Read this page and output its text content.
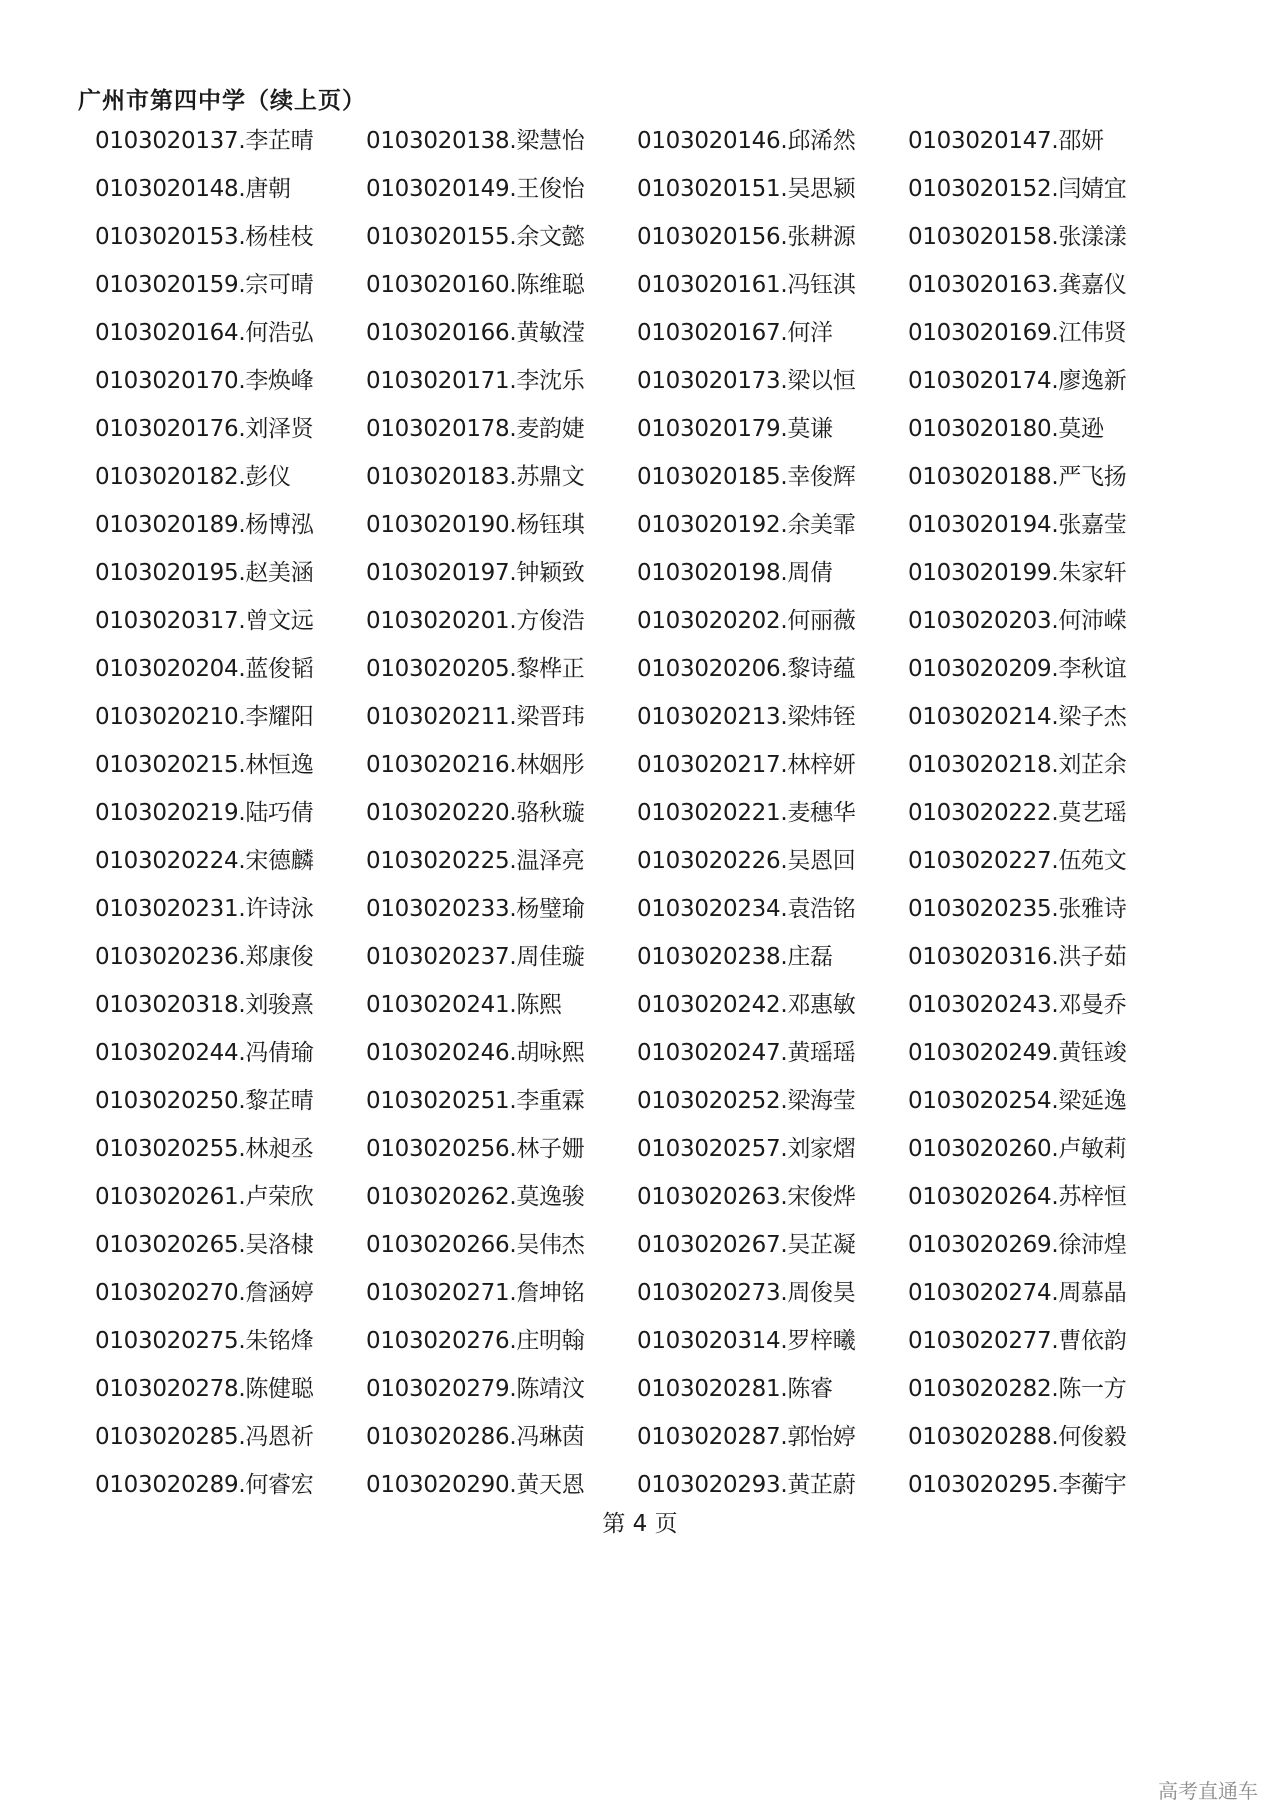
广州市第四中学（续上页）
0103020137.李芷晴	0103020138.梁慧怡	0103020146.邱浠然	0103020147.邵妍
0103020148.唐朝	0103020149.王俊怡	0103020151.吴思颍	0103020152.闫婧宜
0103020153.杨桂枝	0103020155.余文懿	0103020156.张耕源	0103020158.张漾漾
0103020159.宗可晴	0103020160.陈维聪	0103020161.冯钰淇	0103020163.龚嘉仪
0103020164.何浩弘	0103020166.黄敏滢	0103020167.何洋	0103020169.江伟贤
0103020170.李焕峰	0103020171.李沈乐	0103020173.梁以恒	0103020174.廖逸新
0103020176.刘泽贤	0103020178.麦韵婕	0103020179.莫谦	0103020180.莫逊
0103020182.彭仪	0103020183.苏鼎文	0103020185.幸俊辉	0103020188.严飞扬
0103020189.杨博泓	0103020190.杨钰琪	0103020192.余美霏	0103020194.张嘉莹
0103020195.赵美涵	0103020197.钟颖致	0103020198.周倩	0103020199.朱家轩
0103020317.曾文远	0103020201.方俊浩	0103020202.何丽薇	0103020203.何沛嵘
0103020204.蓝俊韬	0103020205.黎桦正	0103020206.黎诗蕴	0103020209.李秋谊
0103020210.李耀阳	0103020211.梁晋玮	0103020213.梁炜铚	0103020214.梁子杰
0103020215.林恒逸	0103020216.林姻彤	0103020217.林梓妍	0103020218.刘芷余
0103020219.陆巧倩	0103020220.骆秋璇	0103020221.麦穗华	0103020222.莫艺瑶
0103020224.宋德麟	0103020225.温泽亮	0103020226.吴恩回	0103020227.伍苑文
0103020231.许诗泳	0103020233.杨璧瑜	0103020234.袁浩铭	0103020235.张雅诗
0103020236.郑康俊	0103020237.周佳璇	0103020238.庄磊	0103020316.洪子茹
0103020318.刘骏熹	0103020241.陈熙	0103020242.邓惠敏	0103020243.邓曼乔
0103020244.冯倩瑜	0103020246.胡咏熙	0103020247.黄瑶瑶	0103020249.黄钰竣
0103020250.黎芷晴	0103020251.李重霖	0103020252.梁海莹	0103020254.梁延逸
0103020255.林昶丞	0103020256.林子姗	0103020257.刘家熠	0103020260.卢敏莉
0103020261.卢荣欣	0103020262.莫逸骏	0103020263.宋俊烨	0103020264.苏梓恒
0103020265.吴洛棣	0103020266.吴伟杰	0103020267.吴芷凝	0103020269.徐沛煌
0103020270.詹涵婷	0103020271.詹坤铭	0103020273.周俊昊	0103020274.周慕晶
0103020275.朱铭烽	0103020276.庄明翰	0103020314.罗梓曦	0103020277.曹依韵
0103020278.陈健聪	0103020279.陈靖汶	0103020281.陈睿	0103020282.陈一方
0103020285.冯恩祈	0103020286.冯琳茵	0103020287.郭怡婷	0103020288.何俊毅
0103020289.何睿宏	0103020290.黄天恩	0103020293.黄芷蔚	0103020295.李蘅宇
第 4 页
高考直通车
